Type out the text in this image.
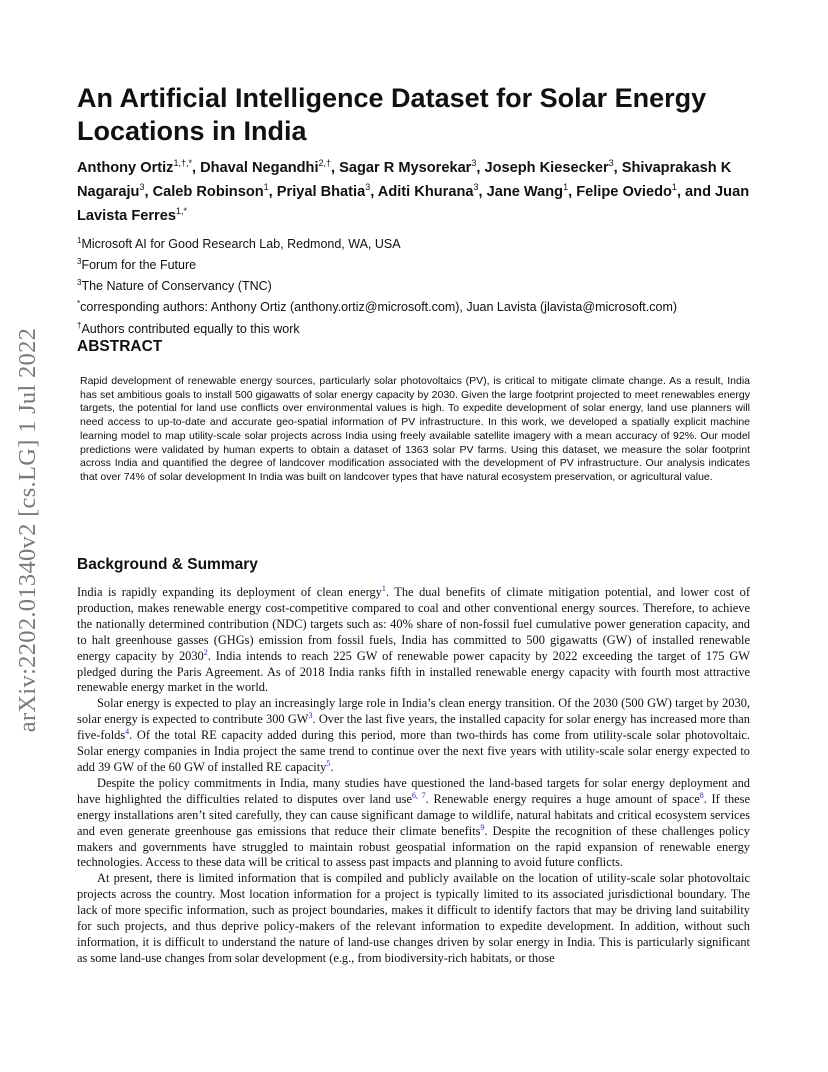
arXiv:2202.01340v2 [cs.LG] 1 Jul 2022
An Artificial Intelligence Dataset for Solar Energy Locations in India
Anthony Ortiz$^{1,\dagger,*}$, Dhaval Negandhi$^{2,\dagger}$, Sagar R Mysorekar$^3$, Joseph Kiesecker$^3$, Shivaprakash K Nagaraju$^3$, Caleb Robinson$^1$, Priyal Bhatia$^3$, Aditi Khurana$^3$, Jane Wang$^1$, Felipe Oviedo$^1$, and Juan Lavista Ferres$^{1,*}$
$^1$Microsoft AI for Good Research Lab, Redmond, WA, USA
$^3$Forum for the Future
$^3$The Nature of Conservancy (TNC)
*corresponding authors: Anthony Ortiz (anthony.ortiz@microsoft.com), Juan Lavista (jlavista@microsoft.com)
†Authors contributed equally to this work
ABSTRACT

Rapid development of renewable energy sources, particularly solar photovoltaics (PV), is critical to mitigate climate change. As a result, India has set ambitious goals to install 500 gigawatts of solar energy capacity by 2030. Given the large footprint projected to meet renewables energy targets, the potential for land use conflicts over environmental values is high. To expedite development of solar energy, land use planners will need access to up-to-date and accurate geo-spatial information of PV infrastructure. In this work, we developed a spatially explicit machine learning model to map utility-scale solar projects across India using freely available satellite imagery with a mean accuracy of 92%. Our model predictions were validated by human experts to obtain a dataset of 1363 solar PV farms. Using this dataset, we measure the solar footprint across India and quantified the degree of landcover modification associated with the development of PV infrastructure. Our analysis indicates that over 74% of solar development In India was built on landcover types that have natural ecosystem preservation, or agricultural value.

Background & Summary

India is rapidly expanding its deployment of clean energy$^1$. The dual benefits of climate mitigation potential, and lower cost of production, makes renewable energy cost-competitive compared to coal and other conventional energy sources. Therefore, to achieve the nationally determined contribution (NDC) targets such as: 40% share of non-fossil fuel cumulative power generation capacity, and to halt greenhouse gasses (GHGs) emission from fossil fuels, India has committed to 500 gigawatts (GW) of installed renewable energy capacity by 2030$^2$. India intends to reach 225 GW of renewable power capacity by 2022 exceeding the target of 175 GW pledged during the Paris Agreement. As of 2018 India ranks fifth in installed renewable energy capacity with fourth most attractive renewable energy market in the world.

Solar energy is expected to play an increasingly large role in India’s clean energy transition. Of the 2030 (500 GW) target by 2030, solar energy is expected to contribute 300 GW$^3$. Over the last five years, the installed capacity for solar energy has increased more than five-folds$^4$. Of the total RE capacity added during this period, more than two-thirds has come from utility-scale solar photovoltaic. Solar energy companies in India project the same trend to continue over the next five years with utility-scale solar energy expected to add 39 GW of the 60 GW of installed RE capacity$^5$.

Despite the policy commitments in India, many studies have questioned the land-based targets for solar energy deployment and have highlighted the difficulties related to disputes over land use$^{6, 7}$. Renewable energy requires a huge amount of space$^8$. If these energy installations aren’t sited carefully, they can cause significant damage to wildlife, natural habitats and critical ecosystem services and even generate greenhouse gas emissions that reduce their climate benefits$^9$. Despite the recognition of these challenges policy makers and governments have struggled to maintain robust geospatial information on the rapid expansion of renewable energy technologies. Access to these data will be critical to assess past impacts and planning to avoid future conflicts.

At present, there is limited information that is compiled and publicly available on the location of utility-scale solar photovoltaic projects across the country. Most location information for a project is typically limited to its associated jurisdictional boundary. The lack of more specific information, such as project boundaries, makes it difficult to identify factors that may be driving land suitability for such projects, and thus deprive policy-makers of the relevant information to expedite development. In addition, without such information, it is difficult to understand the nature of land-use changes driven by solar energy in India. This is particularly significant as some land-use changes from solar development (e.g., from biodiversity-rich habitats, or those
